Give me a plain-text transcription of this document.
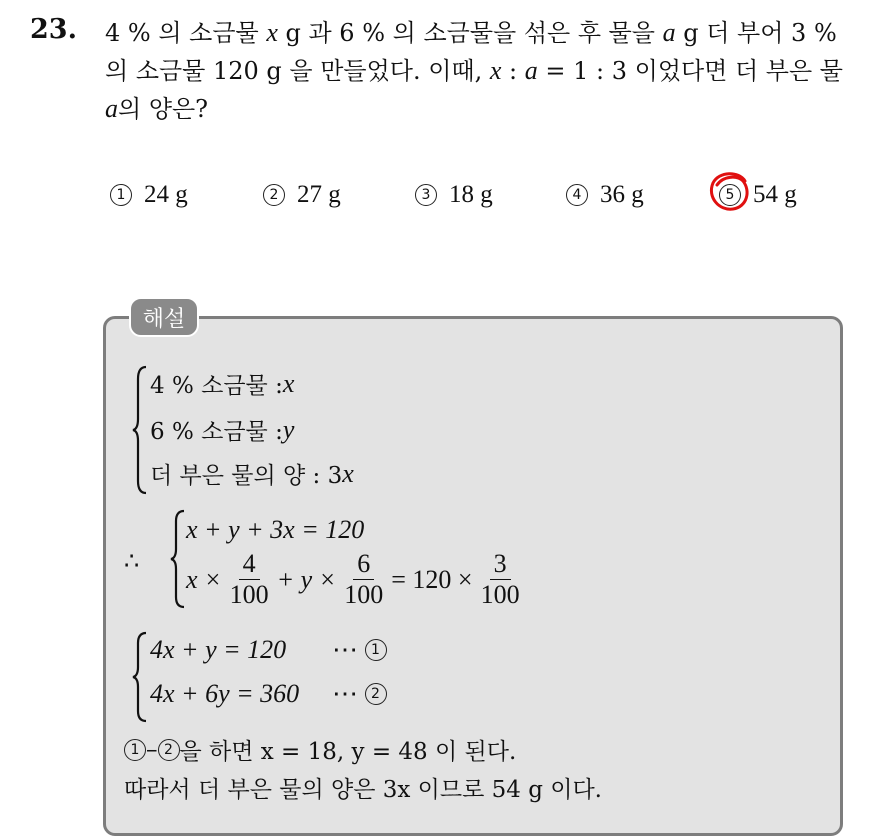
23. 4 % 의 소금물 x g 과 6 % 의 소금물을 섞은 후 물을 a g 더 부어 3 %
의 소금물 120 g 을 만들었다. 이때, x : a = 1 : 3 이었다면 더 부은 물
a의 양은?
1 24 g	2 27 g	3 18 g	4 36 g	5 54 g
4 % 소금물 : x
6 % 소금물 : y
더 부은 물의 양 : 3 x
∴
x + y + 3x = 120
$x \times \frac{4}{100} + y \times \frac{6}{100} = 120 \times \frac{3}{100}$
4x + y = 120 ⋯
1
4x + 6y = 360 ⋯
2
1 – 2 을 하면 x = 18, y = 48 이 된다.
따라서 더 부은 물의 양은 3x 이므로 54 g 이다.
해설
